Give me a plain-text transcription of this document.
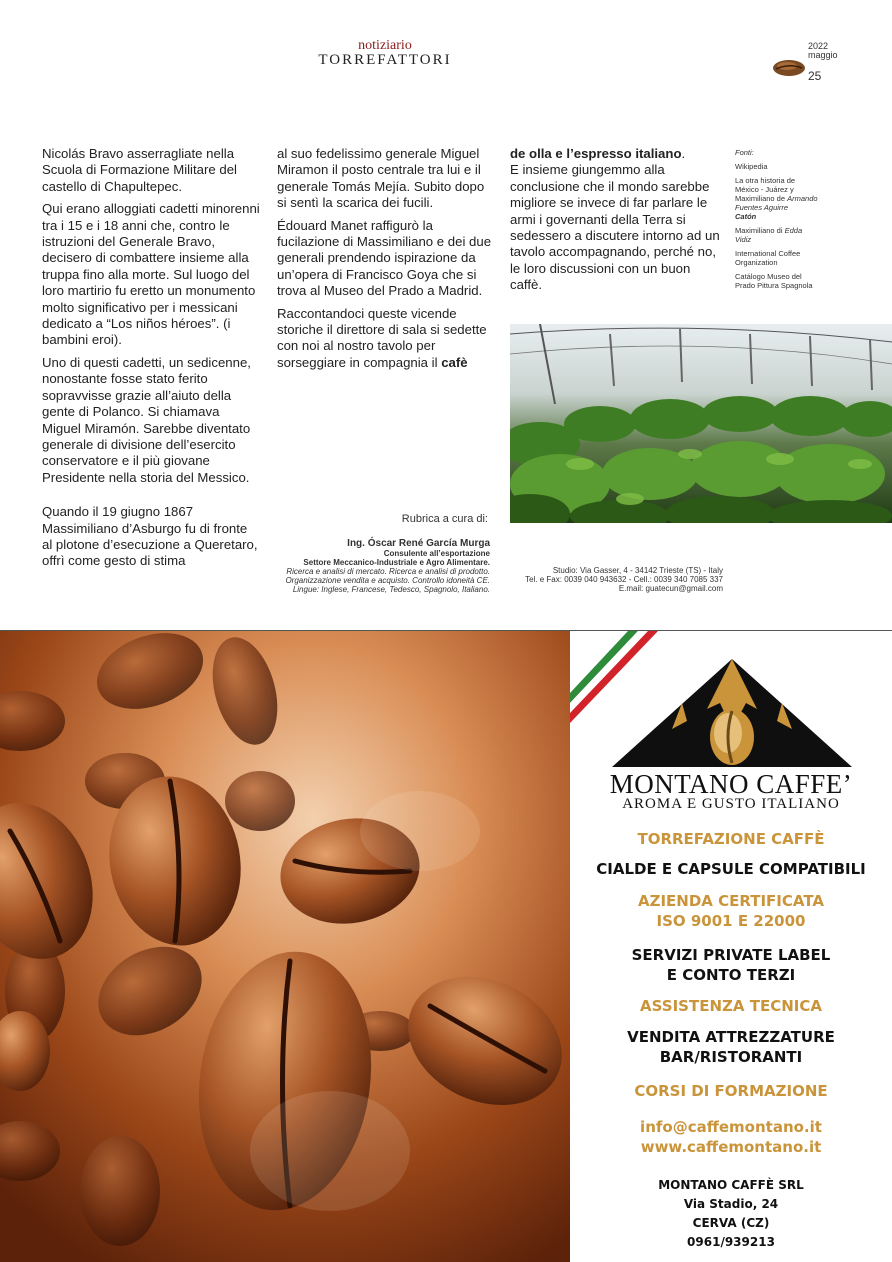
notiziario
TORREFATTORI
2022
maggio
25

Nicolás Bravo asserragliate nella Scuola di Formazione Militare del castello di Chapultepec.

Qui erano alloggiati cadetti minorenni tra i 15 e i 18 anni che, contro le istruzioni del Generale Bravo, decisero di combattere insieme alla truppa fino alla morte. Sul luogo del loro martirio fu eretto un monumento molto significativo per i messicani dedicato a “Los niños héroes”. (i bambini eroi).

Uno di questi cadetti, un sedicenne, nonostante fosse stato ferito sopravvisse grazie all’aiuto della gente di Polanco. Si chiamava Miguel Miramón. Sarebbe diventato generale di divisione dell’esercito conservatore e il più giovane Presidente nella storia del Messico.

Quando il 19 giugno 1867 Massimiliano d’Asburgo fu di fronte al plotone d’esecuzione a Queretaro, offrì come gesto di stima

al suo fedelissimo generale Miguel Miramon il posto centrale tra lui e il generale Tomás Mejía. Subito dopo si sentì la scarica dei fucili.

Édouard Manet raffigurò la fucilazione di Massimiliano e dei due generali prendendo ispirazione da un’opera di Francisco Goya che si trova al Museo del Prado a Madrid.

Raccontandoci queste vicende storiche il direttore di sala si sedette con noi al nostro tavolo per sorseggiare in compagnia il cafè

de olla e l’espresso italiano.
E insieme giungemmo alla conclusione che il mondo sarebbe migliore se invece di far parlare le armi i governanti della Terra si sedessero a discutere intorno ad un tavolo accompagnando, perché no, le loro discussioni con un buon caffè.

Fonti:
Wikipedia
La otra historia de México - Juárez y Maximiliano de Armando Fuentes Aguirre
Catón
Maximiliano di Edda Vidiz
International Coffee Organization
Catálogo Museo del Prado Pittura Spagnola
Rubrica a cura di:
Ing. Óscar René García Murga
Consulente all’esportazione
Settore Meccanico-Industriale e Agro Alimentare.
Ricerca e analisi di mercato. Ricerca e analisi di prodotto.
Organizzazione vendita e acquisto. Controllo idoneità CE.
Lingue: Inglese, Francese, Tedesco, Spagnolo, Italiano.
Studio: Via Gasser, 4 - 34142 Trieste (TS) - Italy
Tel. e Fax: 0039 040 943632 - Cell.: 0039 340 7085 337
E.mail: guatecun@gmail.com
R
MONTANO CAFFE’
AROMA E GUSTO ITALIANO
TORREFAZIONE CAFFÈ
CIALDE E CAPSULE COMPATIBILI
AZIENDA CERTIFICATA
ISO 9001 E 22000
SERVIZI PRIVATE LABEL
E CONTO TERZI
ASSISTENZA TECNICA
VENDITA ATTREZZATURE
BAR/RISTORANTI
CORSI DI FORMAZIONE
info@caffemontano.it
www.caffemontano.it
MONTANO CAFFÈ SRL
Via Stadio, 24
CERVA (CZ)
0961/939213
